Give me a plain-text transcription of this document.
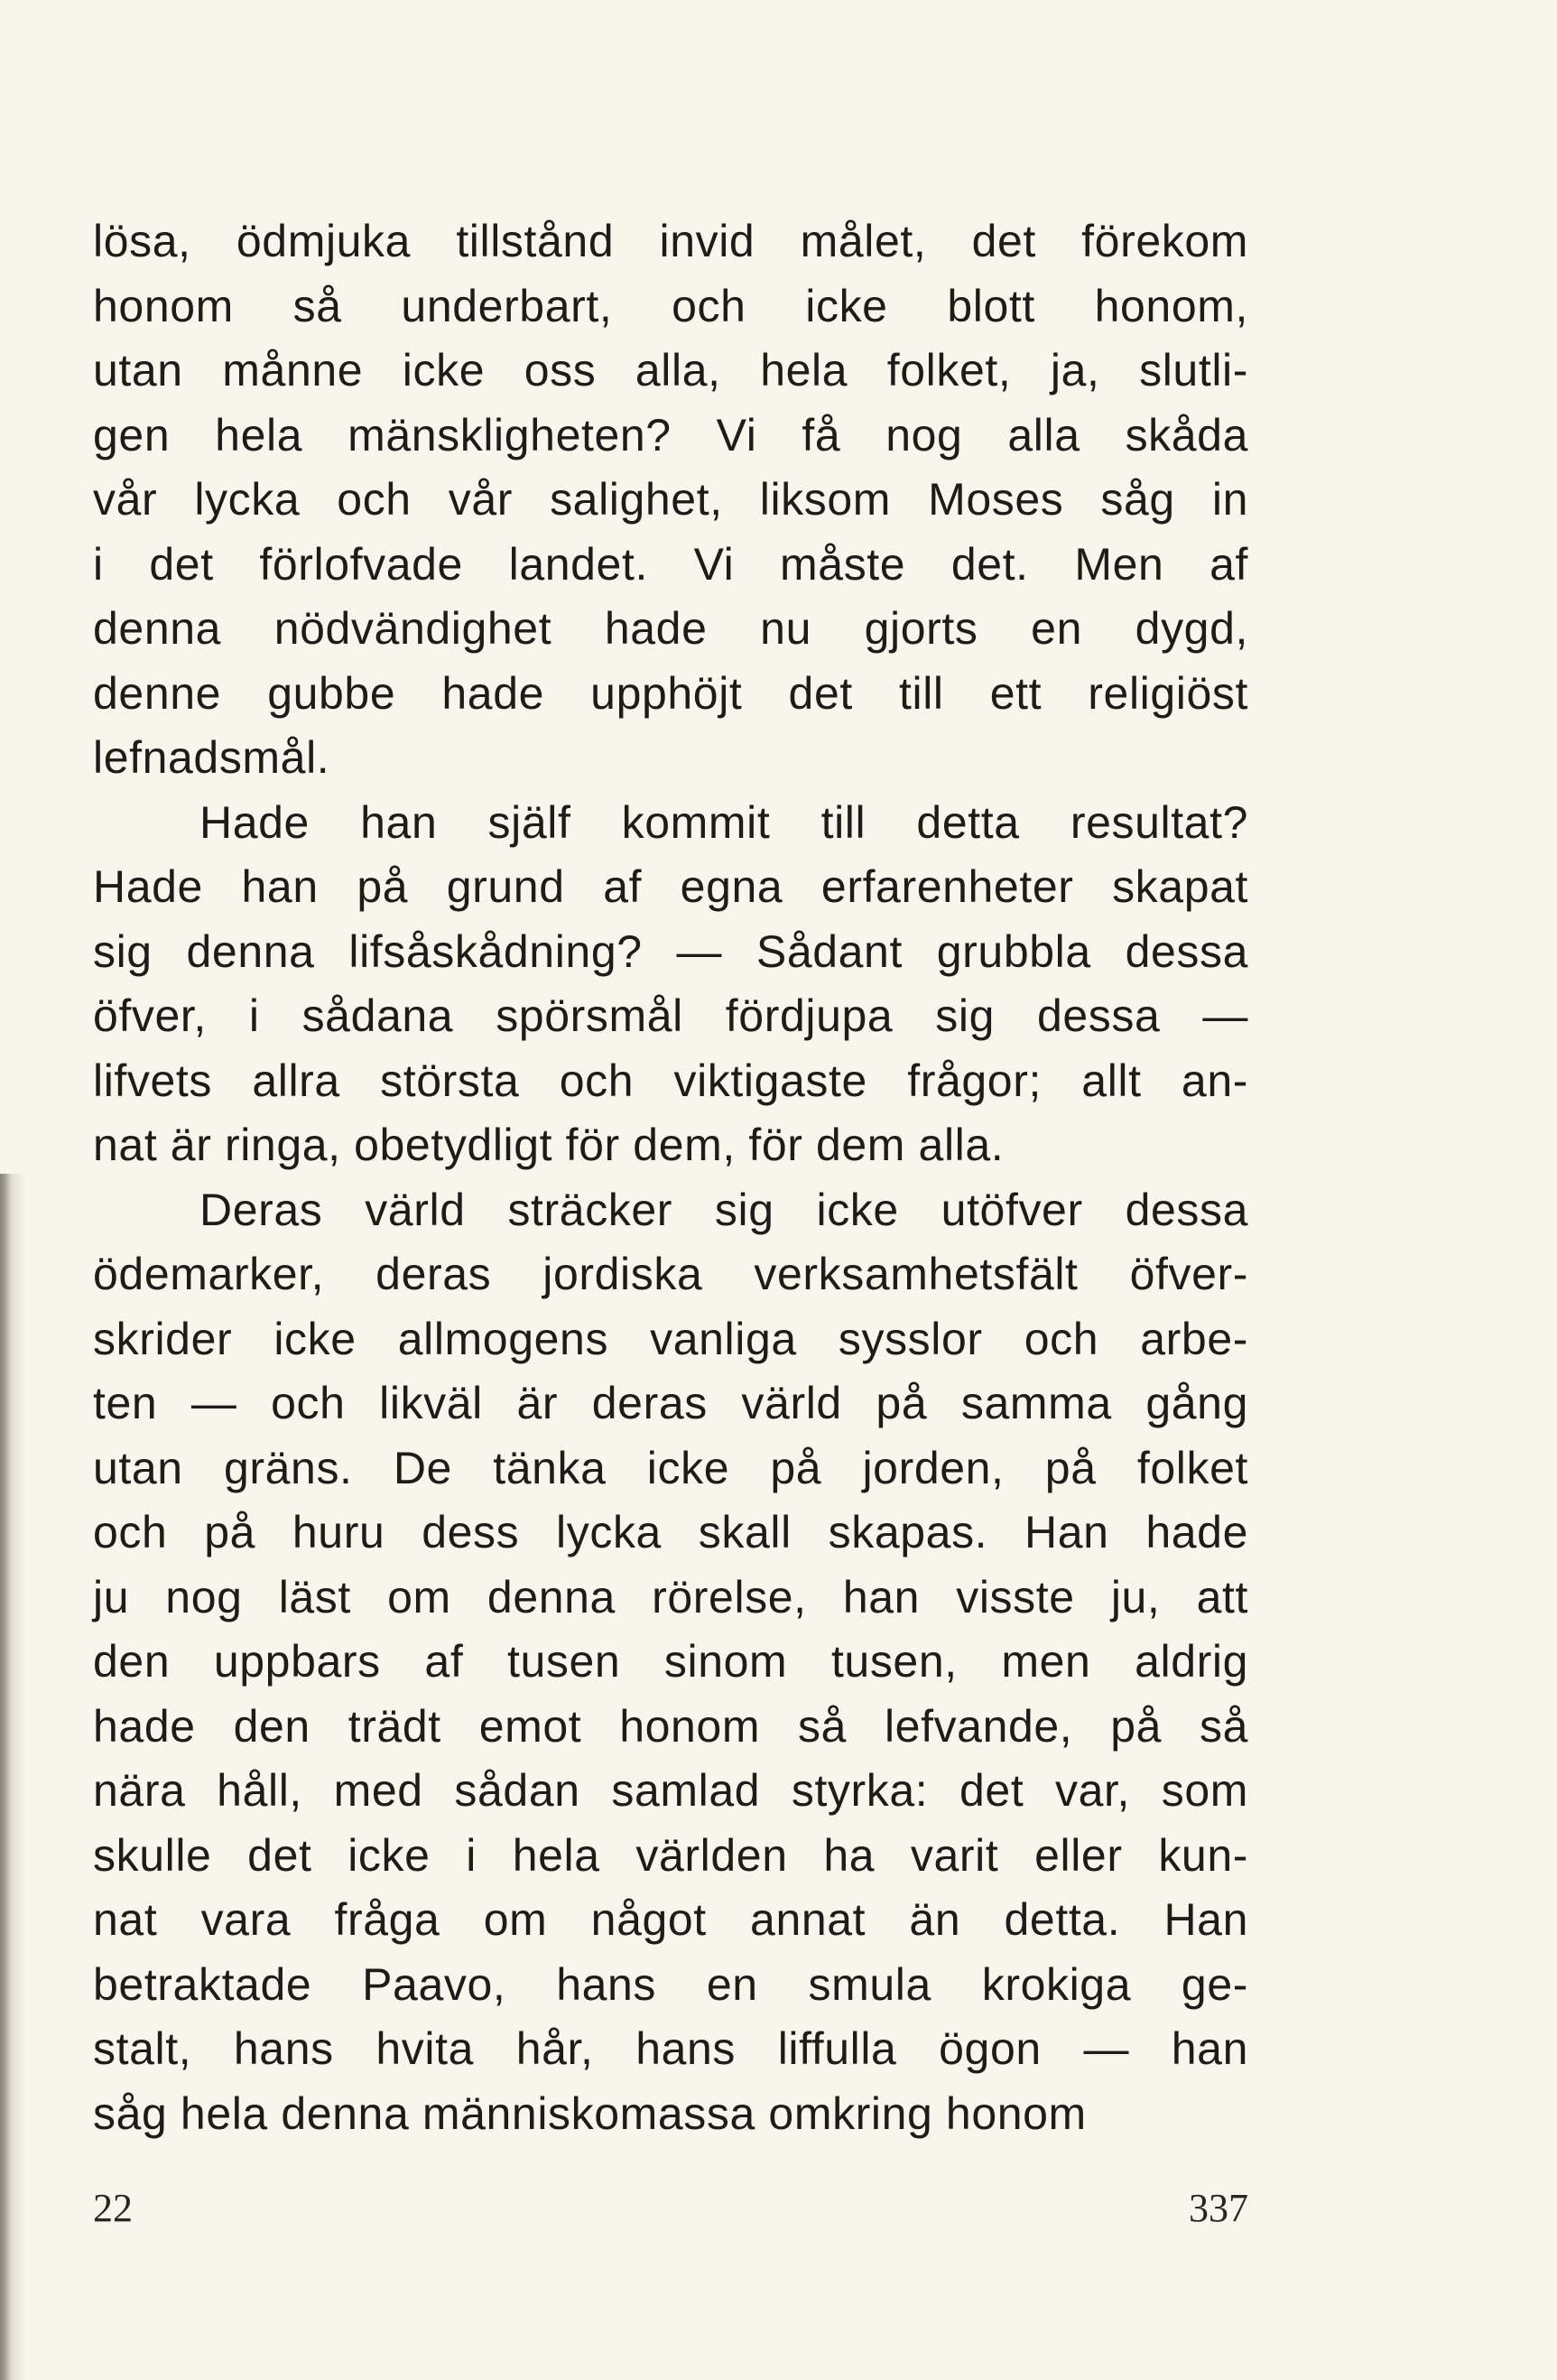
lösa, ödmjuka tillstånd invid målet, det förekom
honom så underbart, och icke blott honom,
utan månne icke oss alla, hela folket, ja, slutli-
gen hela mänskligheten? Vi få nog alla skåda
vår lycka och vår salighet, liksom Moses såg in
i det förlofvade landet. Vi måste det. Men af
denna nödvändighet hade nu gjorts en dygd,
denne gubbe hade upphöjt det till ett religiöst
lefnadsmål.
Hade han själf kommit till detta resultat?
Hade han på grund af egna erfarenheter skapat
sig denna lifsåskådning? — Sådant grubbla dessa
öfver, i sådana spörsmål fördjupa sig dessa —
lifvets allra största och viktigaste frågor; allt an-
nat är ringa, obetydligt för dem, för dem alla.
Deras värld sträcker sig icke utöfver dessa
ödemarker, deras jordiska verksamhetsfält öfver-
skrider icke allmogens vanliga sysslor och arbe-
ten — och likväl är deras värld på samma gång
utan gräns. De tänka icke på jorden, på folket
och på huru dess lycka skall skapas. Han hade
ju nog läst om denna rörelse, han visste ju, att
den uppbars af tusen sinom tusen, men aldrig
hade den trädt emot honom så lefvande, på så
nära håll, med sådan samlad styrka: det var, som
skulle det icke i hela världen ha varit eller kun-
nat vara fråga om något annat än detta. Han
betraktade Paavo, hans en smula krokiga ge-
stalt, hans hvita hår, hans liffulla ögon — han
såg hela denna människomassa omkring honom
22	337
